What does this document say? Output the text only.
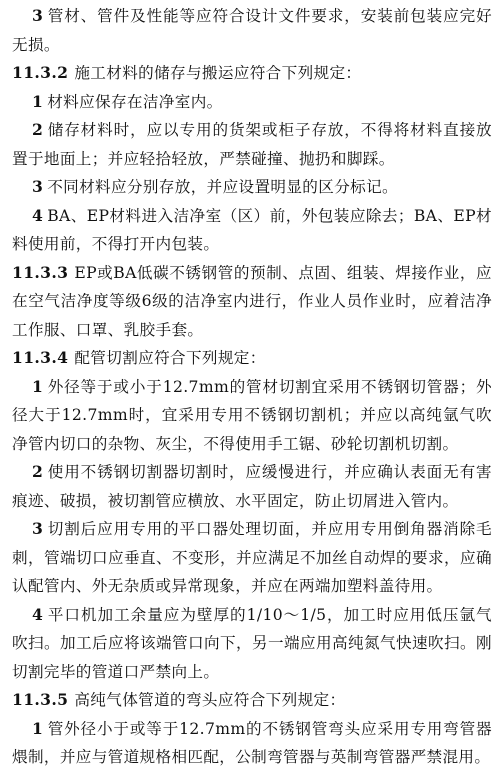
3 管材、管件及性能等应符合设计文件要求，安装前包装应完好无损。

11.3.2 施工材料的储存与搬运应符合下列规定：

1 材料应保存在洁净室内。

2 储存材料时，应以专用的货架或柜子存放，不得将材料直接放置于地面上；并应轻拾轻放，严禁碰撞、抛扔和脚踩。

3 不同材料应分别存放，并应设置明显的区分标记。

4 BA、EP材料进入洁净室（区）前，外包装应除去；BA、EP材料使用前，不得打开内包装。

11.3.3 EP或BA低碳不锈钢管的预制、点固、组装、焊接作业，应在空气洁净度等级6级的洁净室内进行，作业人员作业时，应着洁净工作服、口罩、乳胶手套。

11.3.4 配管切割应符合下列规定：

1 外径等于或小于12.7mm的管材切割宜采用不锈钢切管器；外径大于12.7mm时，宜采用专用不锈钢切割机；并应以高纯氩气吹净管内切口的杂物、灰尘，不得使用手工锯、砂轮切割机切割。

2 使用不锈钢切割器切割时，应缓慢进行，并应确认表面无有害痕迹、破损，被切割管应横放、水平固定，防止切屑进入管内。

3 切割后应用专用的平口器处理切面，并应用专用倒角器消除毛刺，管端切口应垂直、不变形，并应满足不加丝自动焊的要求，应确认配管内、外无杂质或异常现象，并应在两端加塑料盖待用。

4 平口机加工余量应为壁厚的1/10～1/5，加工时应用低压氩气吹扫。加工后应将该端管口向下，另一端应用高纯氮气快速吹扫。刚切割完毕的管道口严禁向上。

11.3.5 高纯气体管道的弯头应符合下列规定：

1 管外径小于或等于12.7mm的不锈钢管弯头应采用专用弯管器煨制，并应与管道规格相匹配，公制弯管器与英制弯管器严禁混用。
